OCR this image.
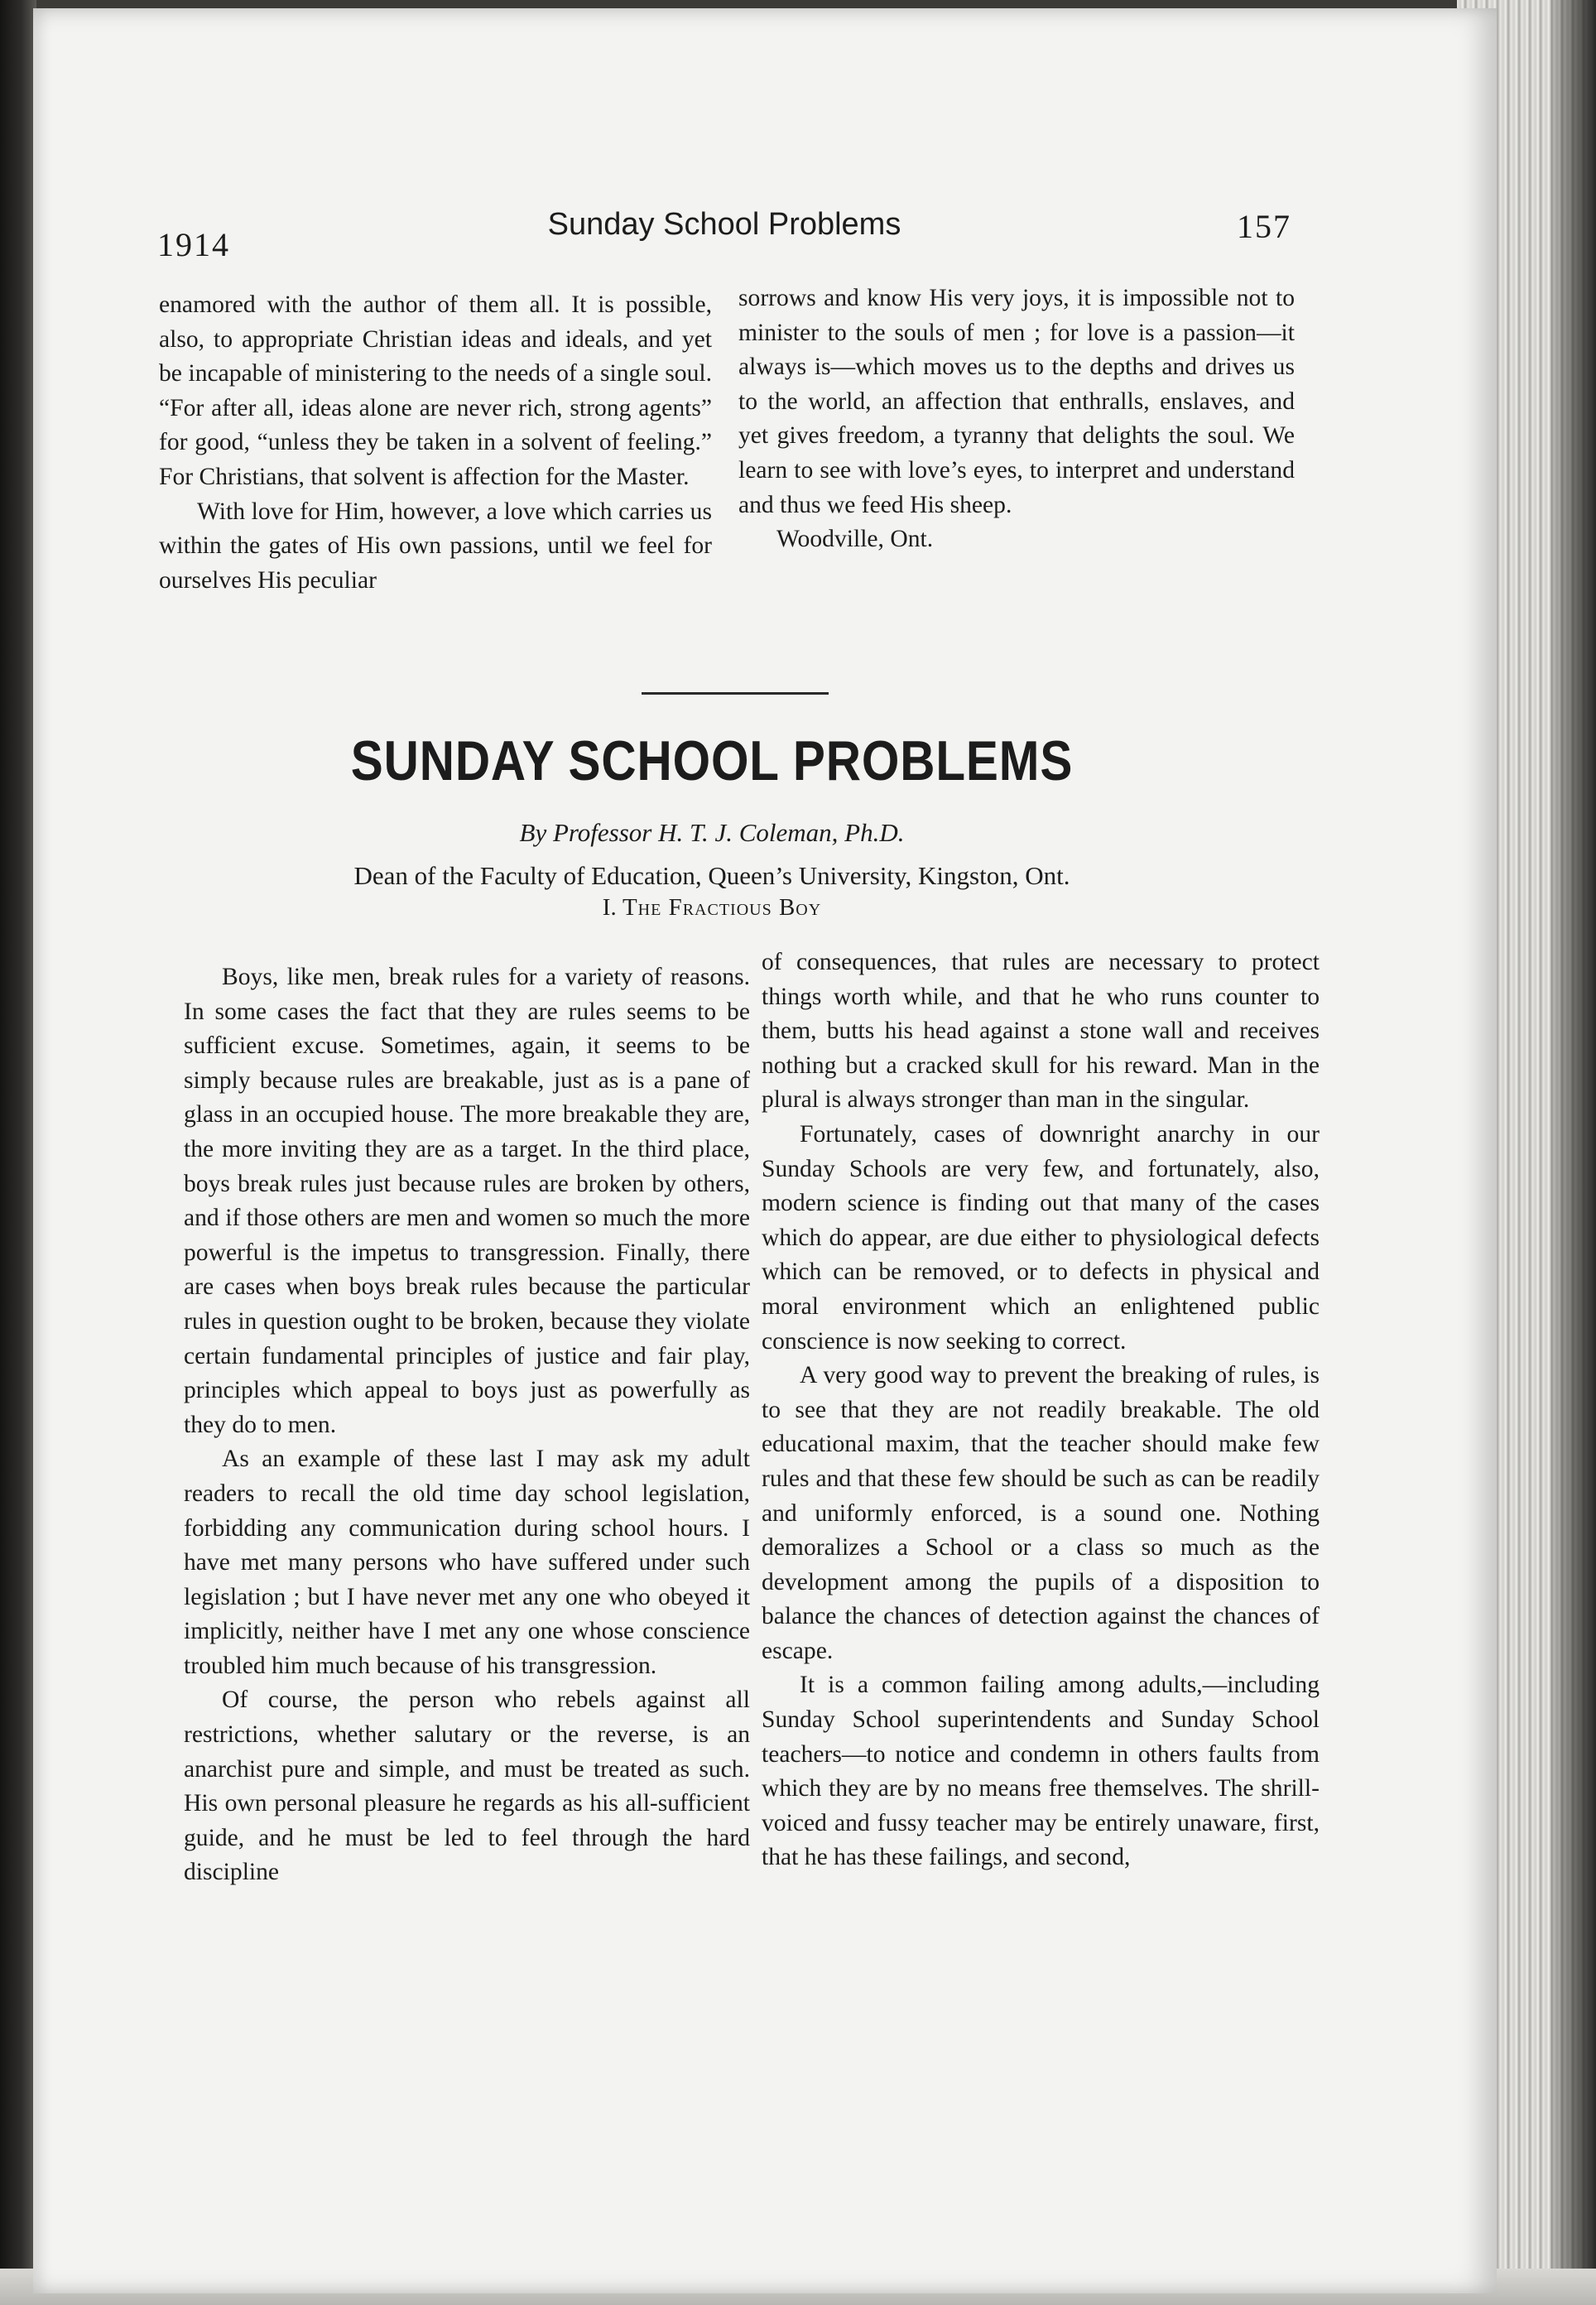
1914
Sunday School Problems	157

enamored with the author of them all. It is possible, also, to appropriate Christian ideas and ideals, and yet be incapable of ministering to the needs of a single soul. “For after all, ideas alone are never rich, strong agents” for good, “unless they be taken in a solvent of feeling.” For Christians, that solvent is affection for the Master.

With love for Him, however, a love which carries us within the gates of His own passions, until we feel for ourselves His peculiar

sorrows and know His very joys, it is impossible not to minister to the souls of men ; for love is a passion—it always is—which moves us to the depths and drives us to the world, an affection that enthralls, enslaves, and yet gives freedom, a tyranny that delights the soul. We learn to see with love’s eyes, to interpret and understand and thus we feed His sheep.

Woodville, Ont.

SUNDAY SCHOOL PROBLEMS
By Professor H. T. J. Coleman, Ph.D.
Dean of the Faculty of Education, Queen’s University, Kingston, Ont.
I. The Fractious Boy

Boys, like men, break rules for a variety of reasons. In some cases the fact that they are rules seems to be sufficient excuse. Sometimes, again, it seems to be simply because rules are breakable, just as is a pane of glass in an occupied house. The more breakable they are, the more inviting they are as a target. In the third place, boys break rules just because rules are broken by others, and if those others are men and women so much the more powerful is the impetus to transgression. Finally, there are cases when boys break rules because the particular rules in question ought to be broken, because they violate certain fundamental principles of justice and fair play, principles which appeal to boys just as powerfully as they do to men.

As an example of these last I may ask my adult readers to recall the old time day school legislation, forbidding any communication during school hours. I have met many persons who have suffered under such legislation ; but I have never met any one who obeyed it implicitly, neither have I met any one whose conscience troubled him much because of his transgression.

Of course, the person who rebels against all restrictions, whether salutary or the reverse, is an anarchist pure and simple, and must be treated as such. His own personal pleasure he regards as his all-sufficient guide, and he must be led to feel through the hard discipline

of consequences, that rules are necessary to protect things worth while, and that he who runs counter to them, butts his head against a stone wall and receives nothing but a cracked skull for his reward. Man in the plural is always stronger than man in the singular.

Fortunately, cases of downright anarchy in our Sunday Schools are very few, and fortunately, also, modern science is finding out that many of the cases which do appear, are due either to physiological defects which can be removed, or to defects in physical and moral environment which an enlightened public conscience is now seeking to correct.

A very good way to prevent the breaking of rules, is to see that they are not readily breakable. The old educational maxim, that the teacher should make few rules and that these few should be such as can be readily and uniformly enforced, is a sound one. Nothing demoralizes a School or a class so much as the development among the pupils of a disposition to balance the chances of detection against the chances of escape.

It is a common failing among adults,—including Sunday School superintendents and Sunday School teachers—to notice and condemn in others faults from which they are by no means free themselves. The shrill-voiced and fussy teacher may be entirely unaware, first, that he has these failings, and second,
